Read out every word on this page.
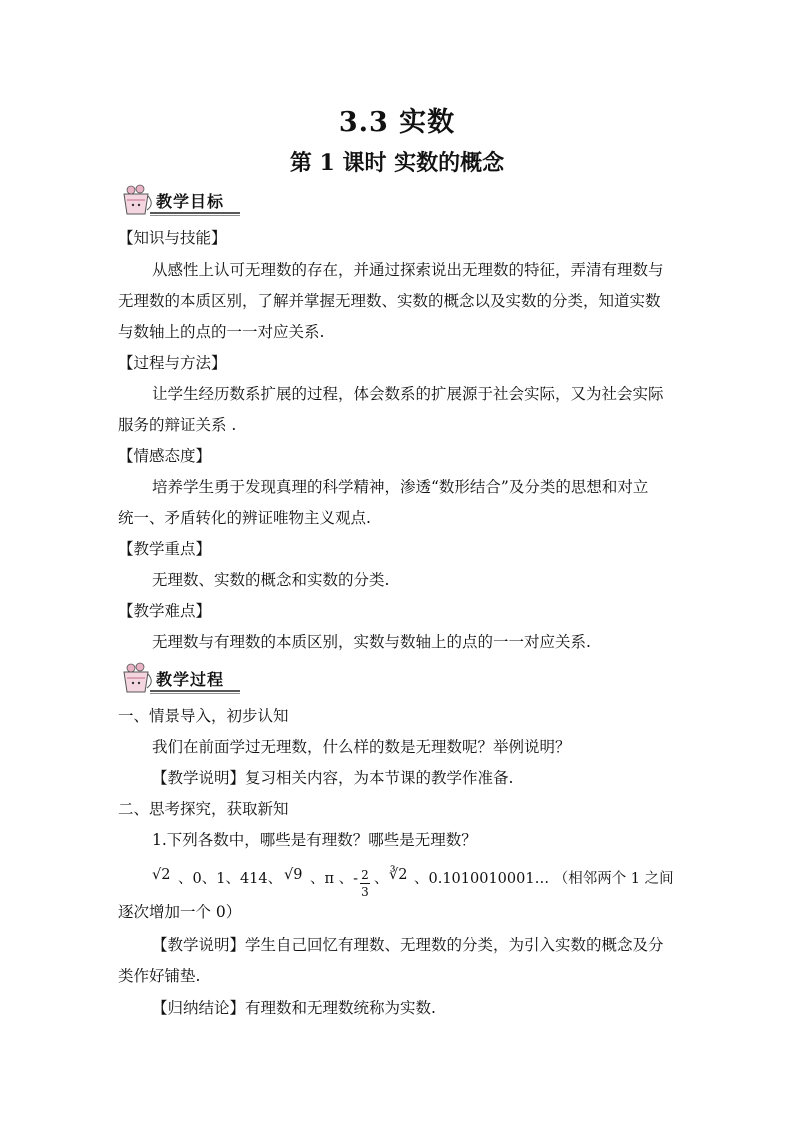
3.3 实数
第 1 课时 实数的概念
教学目标
【知识与技能】
从感性上认可无理数的存在，并通过探索说出无理数的特征，弄清有理数与
无理数的本质区别，了解并掌握无理数、实数的概念以及实数的分类，知道实数
与数轴上的点的一一对应关系.
【过程与方法】
让学生经历数系扩展的过程，体会数系的扩展源于社会实际，又为社会实际
服务的辩证关系 .
【情感态度】
培养学生勇于发现真理的科学精神，渗透“数形结合”及分类的思想和对立
统一、矛盾转化的辨证唯物主义观点.
【教学重点】
无理数、实数的概念和实数的分类.
【教学难点】
无理数与有理数的本质区别，实数与数轴上的点的一一对应关系.
教学过程
一、情景导入，初步认知
我们在前面学过无理数，什么样的数是无理数呢？举例说明？
【教学说明】复习相关内容，为本节课的教学作准备.
二、思考探究，获取新知
1.下列各数中，哪些是有理数？哪些是无理数？
√2 、0、1、414、 √9 、π 、- 2
3
、 ∛2 、0.1010010001… （相邻两个 1 之间
逐次增加一个 0）
【教学说明】学生自己回忆有理数、无理数的分类，为引入实数的概念及分
类作好铺垫.
【归纳结论】有理数和无理数统称为实数.
